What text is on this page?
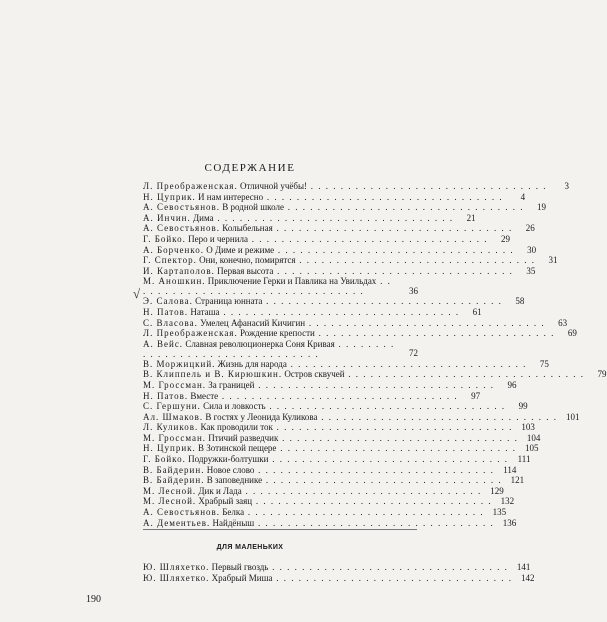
√
СОДЕРЖАНИЕ
Л. Преображенская. Отличной учёбы! . . . . . . . . . . . . . . . . . . . . . . . . . . . . . . . .	3
Н. Цуприк. И нам интересно . . . . . . . . . . . . . . . . . . . . . . . . . . . . . . . .	4
А. Севостьянов. В родной школе . . . . . . . . . . . . . . . . . . . . . . . . . . . . . . . .	19
А. Инчин. Дима . . . . . . . . . . . . . . . . . . . . . . . . . . . . . . . .	21
А. Севостьянов. Колыбельная . . . . . . . . . . . . . . . . . . . . . . . . . . . . . . . .	26
Г. Бойко. Перо и чернила . . . . . . . . . . . . . . . . . . . . . . . . . . . . . . . .	29
А. Борченко. О Диме и режиме . . . . . . . . . . . . . . . . . . . . . . . . . . . . . . . .	30
Г. Спектор. Они, конечно, помирятся . . . . . . . . . . . . . . . . . . . . . . . . . . . . . . . .	31
И. Картаполов. Первая высота . . . . . . . . . . . . . . . . . . . . . . . . . . . . . . . .	35
М. Аношкин. Приключение Герки и Павлика на Увильдах . . . . . . . . . . . . . . . . . . . . . . . . . . . . . . . .	36
Э. Салова. Страница юнната . . . . . . . . . . . . . . . . . . . . . . . . . . . . . . . .	58
Н. Патов. Наташа . . . . . . . . . . . . . . . . . . . . . . . . . . . . . . . .	61
С. Власова. Умелец Афанасий Кичигин . . . . . . . . . . . . . . . . . . . . . . . . . . . . . . . .	63
Л. Преображенская. Рождение крепости . . . . . . . . . . . . . . . . . . . . . . . . . . . . . . . .	69
А. Вейс. Славная революционерка Соня Кривая . . . . . . . . . . . . . . . . . . . . . . . . . . . . . . . .	72
В. Моржицкий. Жизнь для народа . . . . . . . . . . . . . . . . . . . . . . . . . . . . . . . .	75
В. Клиппель и В. Кирюшкин. Остров сквучей . . . . . . . . . . . . . . . . . . . . . . . . . . . . . . . .	79
М. Гроссман. За границей . . . . . . . . . . . . . . . . . . . . . . . . . . . . . . . .	96
Н. Патов. Вместе . . . . . . . . . . . . . . . . . . . . . . . . . . . . . . . .	97
С. Гершуни. Сила и ловкость . . . . . . . . . . . . . . . . . . . . . . . . . . . . . . . .	99
Ал. Шмаков. В гостях у Леонида Куликова . . . . . . . . . . . . . . . . . . . . . . . . . . . . . . . . 101
Л. Куликов. Как проводили ток . . . . . . . . . . . . . . . . . . . . . . . . . . . . . . . . 103
М. Гроссман. Птичий разведчик . . . . . . . . . . . . . . . . . . . . . . . . . . . . . . . . 104
Н. Цуприк. В Зотинской пещере . . . . . . . . . . . . . . . . . . . . . . . . . . . . . . . . 105
Г. Бойко. Подружки-болтушки . . . . . . . . . . . . . . . . . . . . . . . . . . . . . . . .	111
В. Байдерин. Новое слово . . . . . . . . . . . . . . . . . . . . . . . . . . . . . . . . 114
В. Байдерин. В заповеднике . . . . . . . . . . . . . . . . . . . . . . . . . . . . . . . . 121
М. Лесной. Дик и Лада . . . . . . . . . . . . . . . . . . . . . . . . . . . . . . . . 129
М. Лесной. Храбрый заяц . . . . . . . . . . . . . . . . . . . . . . . . . . . . . . . . 132
А. Севостьянов. Белка . . . . . . . . . . . . . . . . . . . . . . . . . . . . . . . . 135
А. Дементьев. Найдёныш . . . . . . . . . . . . . . . . . . . . . . . . . . . . . . . . 136
ДЛЯ МАЛЕНЬКИХ
Ю. Шляхетко. Первый гвоздь . . . . . . . . . . . . . . . . . . . . . . . . . . . . . . . . 141
Ю. Шляхетко. Храбрый Миша . . . . . . . . . . . . . . . . . . . . . . . . . . . . . . . . 142
190
